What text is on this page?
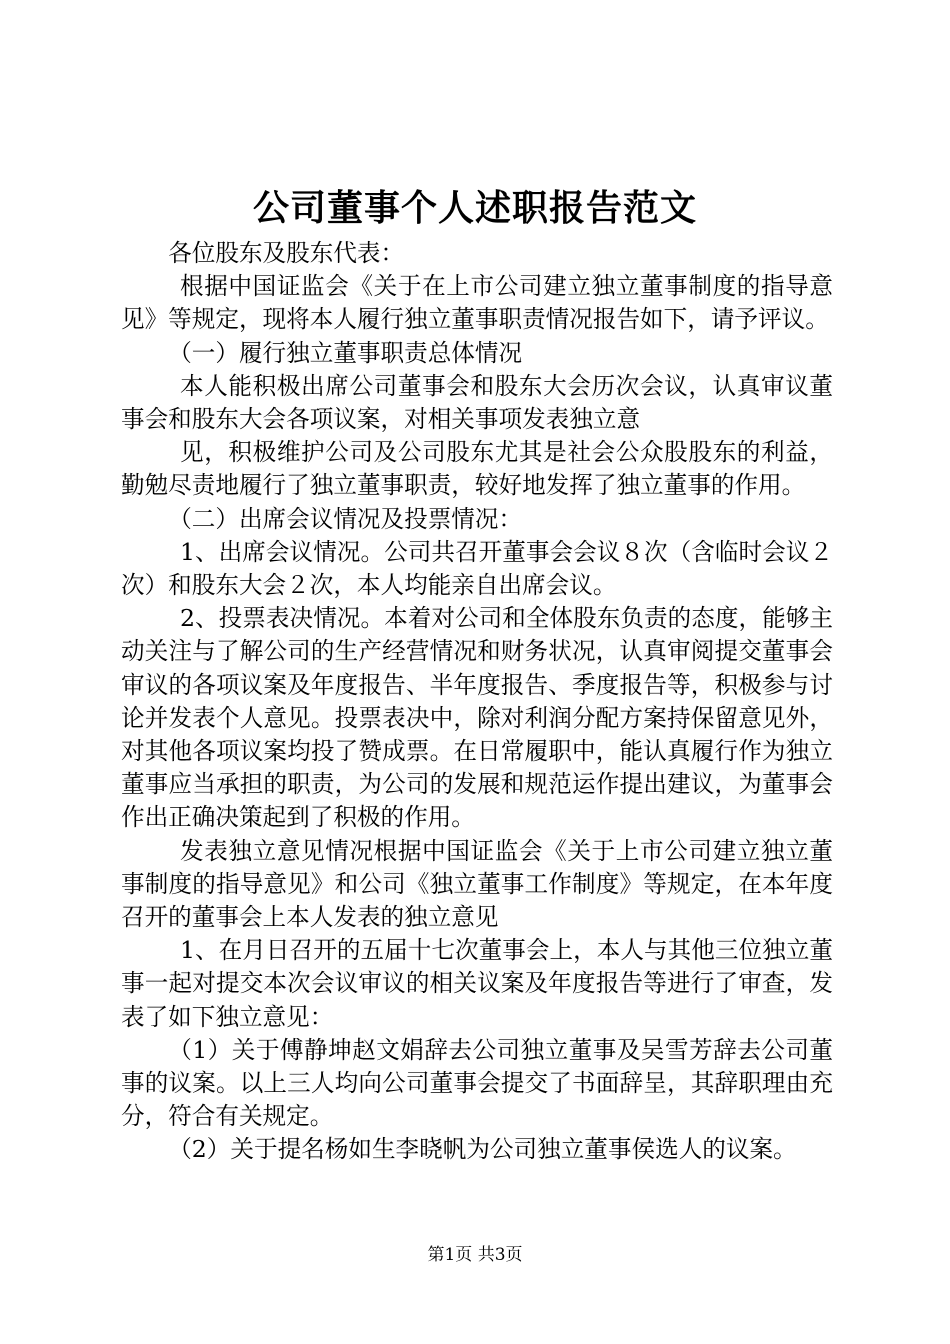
公司董事个人述职报告范文

各位股东及股东代表：

根据中国证监会《关于在上市公司建立独立董事制度的指导意见》等规定，现将本人履行独立董事职责情况报告如下，请予评议。

（一）履行独立董事职责总体情况

本人能积极出席公司董事会和股东大会历次会议，认真审议董事会和股东大会各项议案，对相关事项发表独立意

见，积极维护公司及公司股东尤其是社会公众股股东的利益，勤勉尽责地履行了独立董事职责，较好地发挥了独立董事的作用。

（二）出席会议情况及投票情况：

1、出席会议情况。公司共召开董事会会议８次（含临时会议２次）和股东大会２次，本人均能亲自出席会议。

2、投票表决情况。本着对公司和全体股东负责的态度，能够主动关注与了解公司的生产经营情况和财务状况，认真审阅提交董事会审议的各项议案及年度报告、半年度报告、季度报告等，积极参与讨论并发表个人意见。投票表决中，除对利润分配方案持保留意见外，对其他各项议案均投了赞成票。在日常履职中，能认真履行作为独立董事应当承担的职责，为公司的发展和规范运作提出建议，为董事会作出正确决策起到了积极的作用。

发表独立意见情况根据中国证监会《关于上市公司建立独立董事制度的指导意见》和公司《独立董事工作制度》等规定，在本年度召开的董事会上本人发表的独立意见

1、在月日召开的五届十七次董事会上，本人与其他三位独立董事一起对提交本次会议审议的相关议案及年度报告等进行了审查，发表了如下独立意见：

（1）关于傅静坤赵文娟辞去公司独立董事及吴雪芳辞去公司董事的议案。以上三人均向公司董事会提交了书面辞呈，其辞职理由充分，符合有关规定。

（2）关于提名杨如生李晓帆为公司独立董事侯选人的议案。

第1页 共3页
